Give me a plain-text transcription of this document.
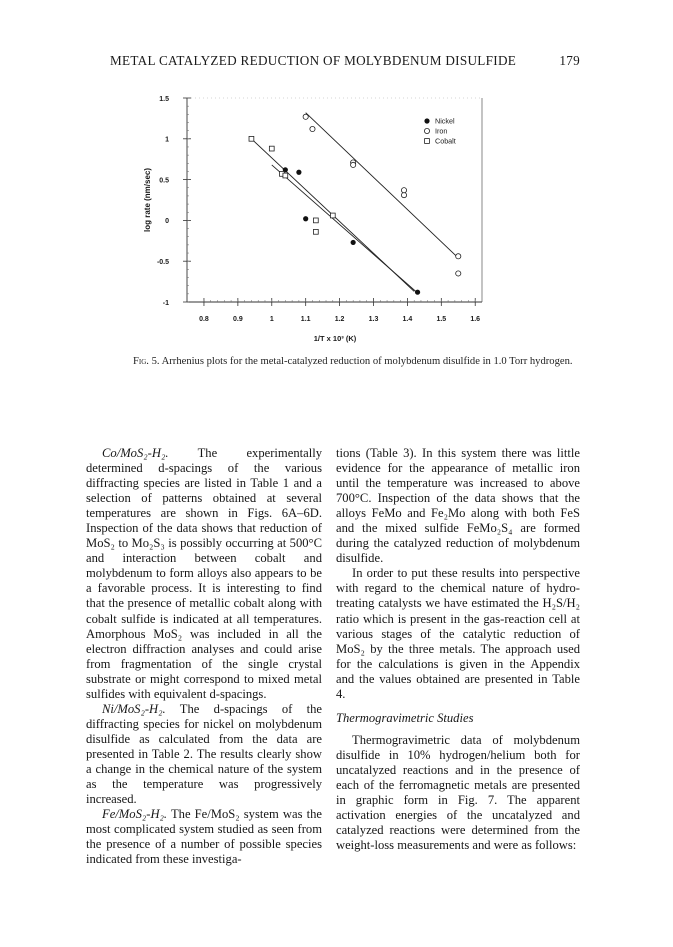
METAL CATALYZED REDUCTION OF MOLYBDENUM DISULFIDE	179
1.5
1
0.5
0
-0.5
-1
0.8	0.9	1	1.1	1.2	1.3	1.4	1.5	1.6
Nickel
Iron
Cobalt
1/T x 10³ (K)
log rate (nm/sec)
Fig. 5. Arrhenius plots for the metal-catalyzed reduction of molybdenum disulfide in 1.0 Torr hydrogen.

Co/MoS₂-H₂. The experimentally determined d-spacings of the various diffracting species are listed in Table 1 and a selection of patterns obtained at several temperatures are shown in Figs. 6A–6D. Inspection of the data shows that reduction of MoS₂ to Mo₂S₃ is possibly occurring at 500°C and interaction between cobalt and molybdenum to form alloys also appears to be a favorable process. It is interesting to find that the presence of metallic cobalt along with cobalt sulfide is indicated at all temperatures. Amorphous MoS₂ was included in all the electron diffraction analyses and could arise from fragmentation of the single crystal substrate or might correspond to mixed metal sulfides with equivalent d-spacings.

Ni/MoS₂-H₂. The d-spacings of the diffracting species for nickel on molybdenum disulfide as calculated from the data are presented in Table 2. The results clearly show a change in the chemical nature of the system as the temperature was progressively increased.

Fe/MoS₂-H₂. The Fe/MoS₂ system was the most complicated system studied as seen from the presence of a number of possible species indicated from these investiga-

tions (Table 3). In this system there was little evidence for the appearance of metallic iron until the temperature was increased to above 700°C. Inspection of the data shows that the alloys FeMo and Fe₂Mo along with both FeS and the mixed sulfide FeMo₂S₄ are formed during the catalyzed reduction of molybdenum disulfide.

In order to put these results into perspective with regard to the chemical nature of hydro-treating catalysts we have estimated the H₂S/H₂ ratio which is present in the gas-reaction cell at various stages of the catalytic reduction of MoS₂ by the three metals. The approach used for the calculations is given in the Appendix and the values obtained are presented in Table 4.

Thermogravimetric Studies

Thermogravimetric data of molybdenum disulfide in 10% hydrogen/helium both for uncatalyzed reactions and in the presence of each of the ferromagnetic metals are presented in graphic form in Fig. 7. The apparent activation energies of the uncatalyzed and catalyzed reactions were determined from the weight-loss measurements and were as follows:
